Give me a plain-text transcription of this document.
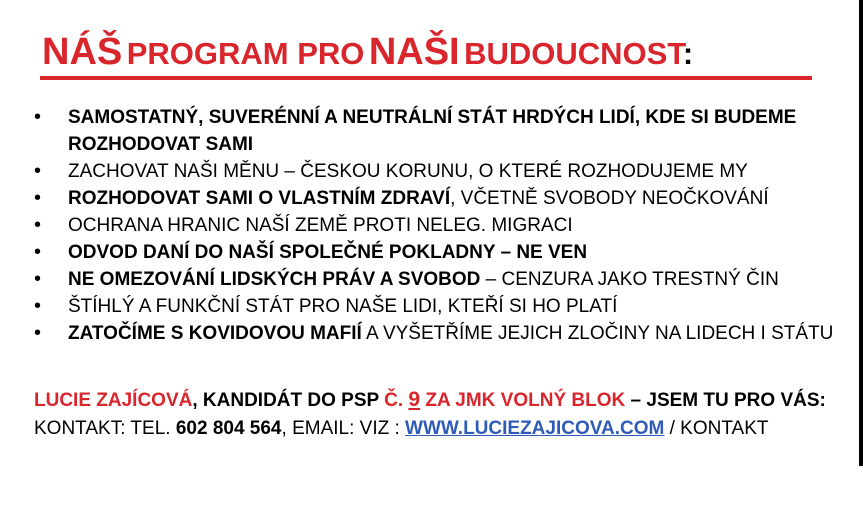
NÁŠ PROGRAM PRO NAŠI BUDOUCNOST:
• SAMOSTATNÝ, SUVERÉNNÍ A NEUTRÁLNÍ STÁT HRDÝCH LIDÍ, KDE SI BUDEME ROZHODOVAT SAMI
• ZACHOVAT NAŠI MĚNU – ČESKOU KORUNU, O KTERÉ ROZHODUJEME MY
• ROZHODOVAT SAMI O VLASTNÍM ZDRAVÍ, VČETNĚ SVOBODY NEOČKOVÁNÍ
• OCHRANA HRANIC NAŠÍ ZEMĚ PROTI NELEG. MIGRACI
• ODVOD DANÍ DO NAŠÍ SPOLEČNÉ POKLADNY – NE VEN
• NE OMEZOVÁNÍ LIDSKÝCH PRÁV A SVOBOD – CENZURA JAKO TRESTNÝ ČIN
• ŠTÍHLÝ A FUNKČNÍ STÁT PRO NAŠE LIDI, KTEŘÍ SI HO PLATÍ
• ZATOČÍME S KOVIDOVOU MAFIÍ A VYŠETŘÍME JEJICH ZLOČINY NA LIDECH I STÁTU
LUCIE ZAJÍCOVÁ, KANDIDÁT DO PSP Č. 9 ZA JMK VOLNÝ BLOK – JSEM TU PRO VÁS:
KONTAKT: TEL. 602 804 564, EMAIL: VIZ : WWW.LUCIEZAJICOVA.COM / KONTAKT
